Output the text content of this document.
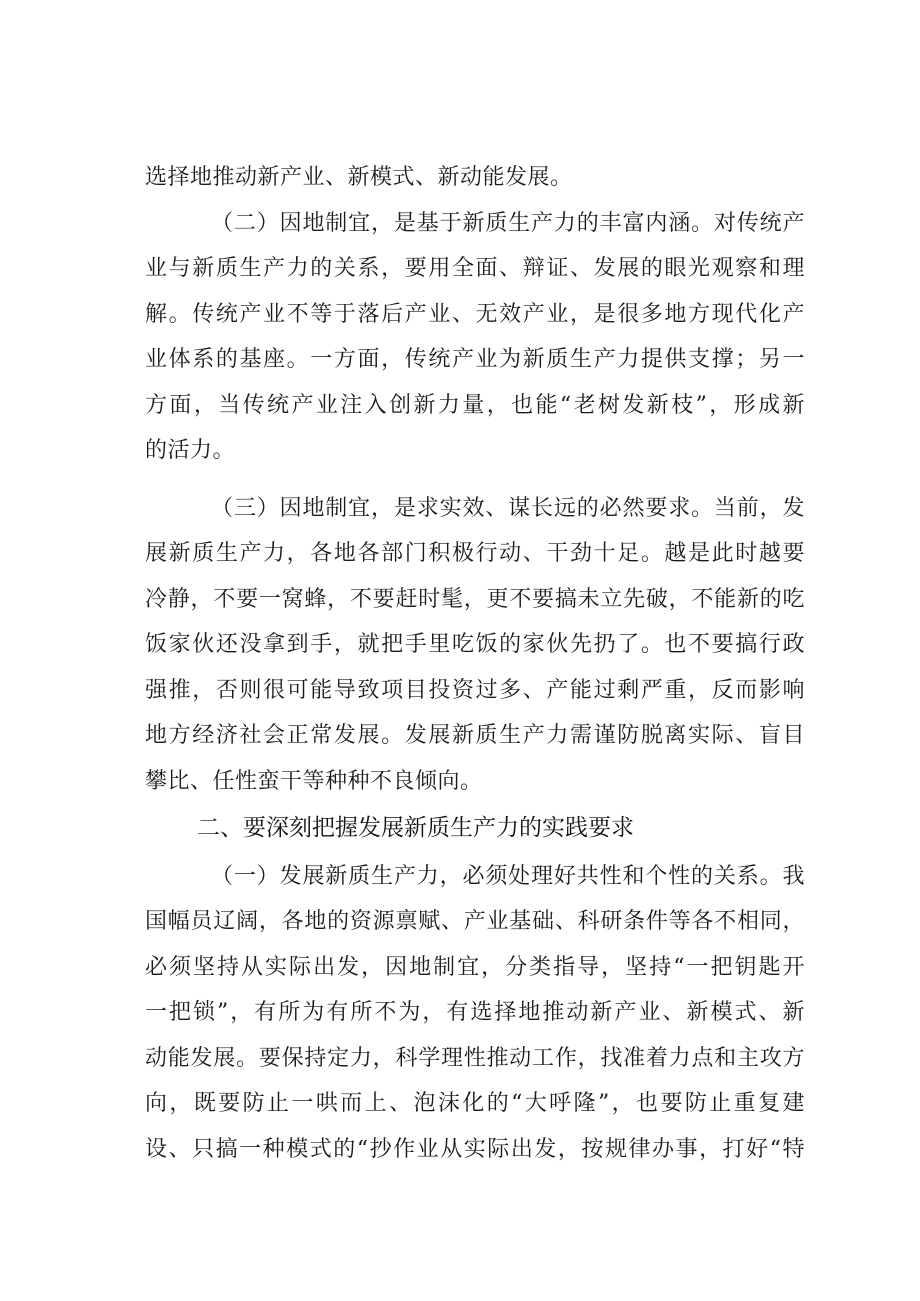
选择地推动新产业、新模式、新动能发展。
（二）因地制宜，是基于新质生产力的丰富内涵。对传统产
业与新质生产力的关系，要用全面、辩证、发展的眼光观察和理
解。传统产业不等于落后产业、无效产业，是很多地方现代化产
业体系的基座。一方面，传统产业为新质生产力提供支撑；另一
方面，当传统产业注入创新力量，也能“老树发新枝”，形成新
的活力。
（三）因地制宜，是求实效、谋长远的必然要求。当前，发
展新质生产力，各地各部门积极行动、干劲十足。越是此时越要
冷静，不要一窝蜂，不要赶时髦，更不要搞未立先破，不能新的吃
饭家伙还没拿到手，就把手里吃饭的家伙先扔了。也不要搞行政
强推，否则很可能导致项目投资过多、产能过剩严重，反而影响
地方经济社会正常发展。发展新质生产力需谨防脱离实际、盲目
攀比、任性蛮干等种种不良倾向。
二、要深刻把握发展新质生产力的实践要求
（一）发展新质生产力，必须处理好共性和个性的关系。我
国幅员辽阔，各地的资源禀赋、产业基础、科研条件等各不相同，
必须坚持从实际出发，因地制宜，分类指导，坚持“一把钥匙开
一把锁”，有所为有所不为，有选择地推动新产业、新模式、新
动能发展。要保持定力，科学理性推动工作，找准着力点和主攻方
向，既要防止一哄而上、泡沫化的“大呼隆”，也要防止重复建
设、只搞一种模式的“抄作业从实际出发，按规律办事，打好“特
